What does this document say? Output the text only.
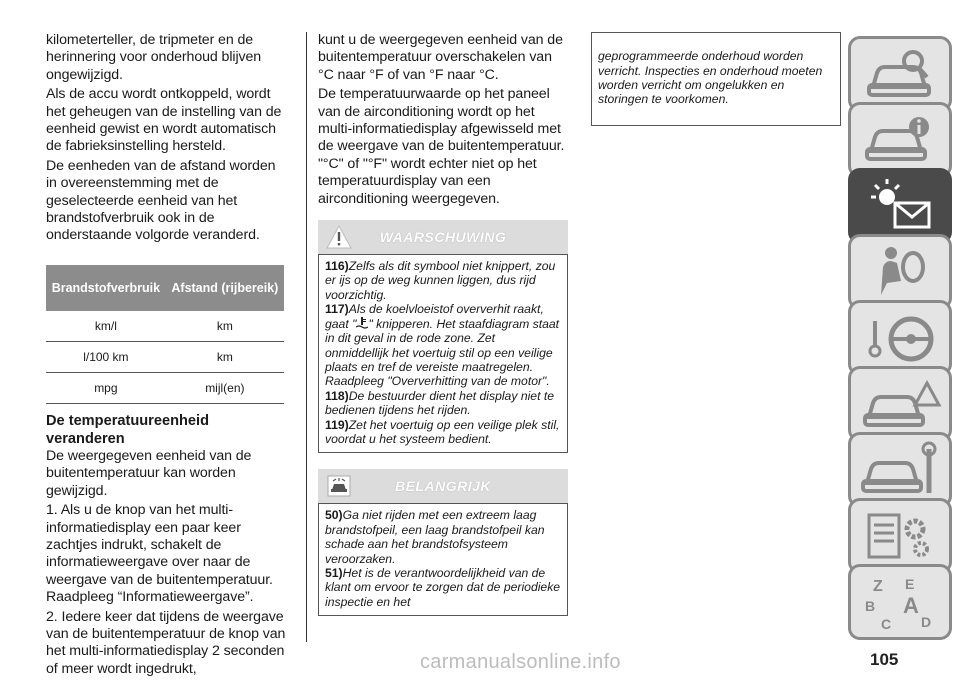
kilometerteller, de tripmeter en de herinnering voor onderhoud blijven ongewijzigd.

Als de accu wordt ontkoppeld, wordt het geheugen van de instelling van de eenheid gewist en wordt automatisch de fabrieksinstelling hersteld.

De eenheden van de afstand worden in overeenstemming met de geselecteerde eenheid van het brandstofverbruik ook in de onderstaande volgorde veranderd.

Brandstofverbruik	Afstand (rijbereik)
km/l	km
l/100 km	km
mpg	mijl(en)

De temperatuureenheid veranderen

De weergegeven eenheid van de buitentemperatuur kan worden gewijzigd.

1. Als u de knop van het multi-informatiedisplay een paar keer zachtjes indrukt, schakelt de informatieweergave over naar de weergave van de buitentemperatuur. Raadpleeg “Informatieweergave”.

2. Iedere keer dat tijdens de weergave van de buitentemperatuur de knop van het multi-informatiedisplay 2 seconden of meer wordt ingedrukt,

kunt u de weergegeven eenheid van de buitentemperatuur overschakelen van °C naar °F of van °F naar °C.

De temperatuurwaarde op het paneel van de airconditioning wordt op het multi-informatiedisplay afgewisseld met de weergave van de buitentemperatuur. "°C" of "°F" wordt echter niet op het temperatuurdisplay van een airconditioning weergegeven.

WAARSCHUWING

116)Zelfs als dit symbool niet knippert, zou er ijs op de weg kunnen liggen, dus rijd voorzichtig.

117)Als de koelvloeistof oververhit raakt, gaat " " knipperen. Het staafdiagram staat in dit geval in de rode zone. Zet onmiddellijk het voertuig stil op een veilige plaats en tref de vereiste maatregelen. Raadpleeg "Oververhitting van de motor".

118)De bestuurder dient het display niet te bedienen tijdens het rijden.

119)Zet het voertuig op een veilige plek stil, voordat u het systeem bedient.

BELANGRIJK

50)Ga niet rijden met een extreem laag brandstofpeil, een laag brandstofpeil kan schade aan het brandstofsysteem veroorzaken.

51)Het is de verantwoordelijkheid van de klant om ervoor te zorgen dat de periodieke inspectie en het

geprogrammeerde onderhoud worden verricht. Inspecties en onderhoud moeten worden verricht om ongelukken en storingen te voorkomen.

Z E
B A
C D
carmanualsonline.info	105
